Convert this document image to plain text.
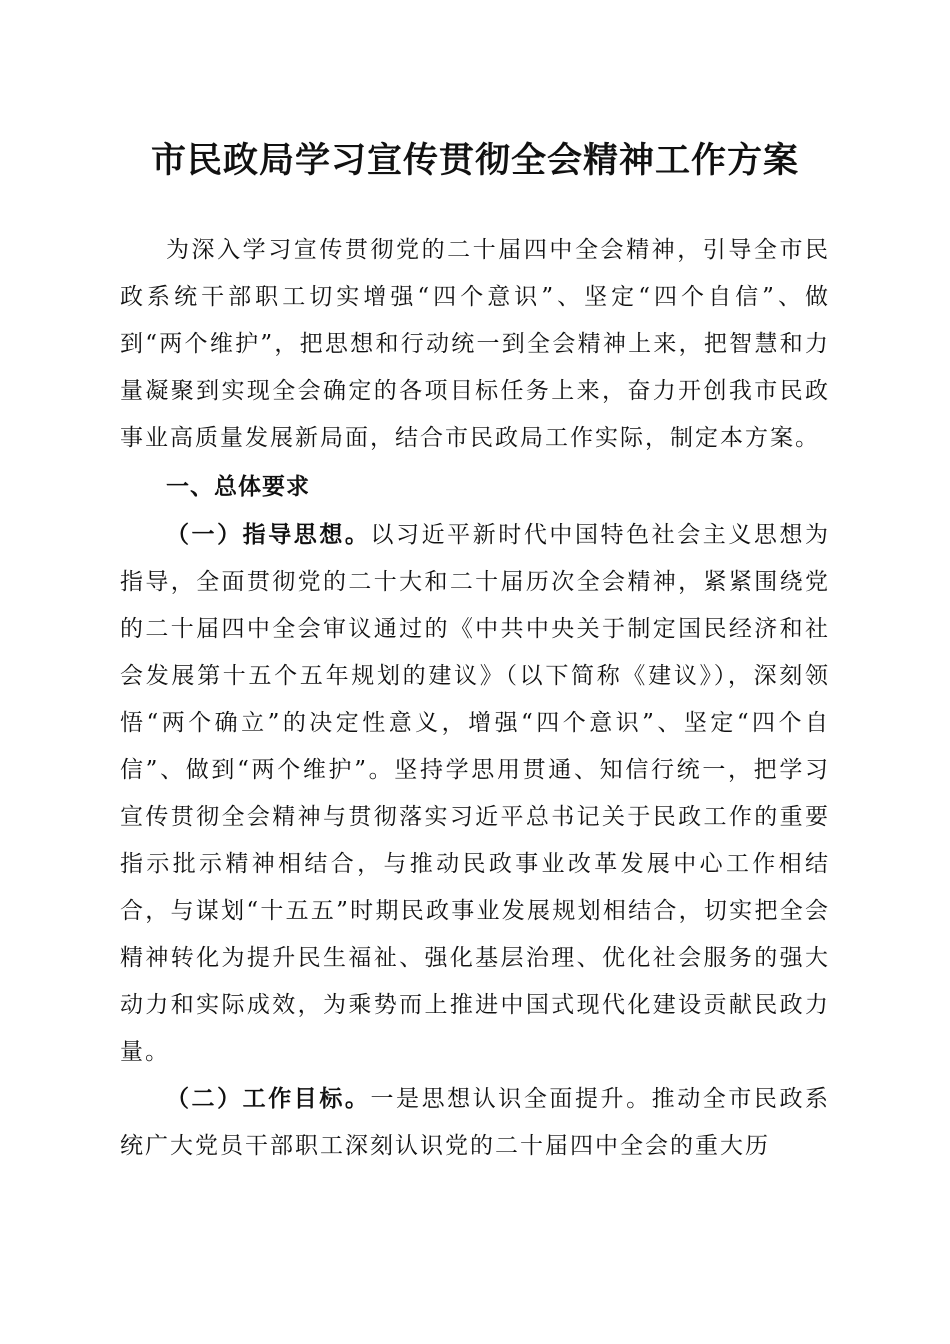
市民政局学习宣传贯彻全会精神工作方案

为深入学习宣传贯彻党的二十届四中全会精神，引导全市民政系统干部职工切实增强“四个意识”、坚定“四个自信”、做到“两个维护”，把思想和行动统一到全会精神上来，把智慧和力量凝聚到实现全会确定的各项目标任务上来，奋力开创我市民政事业高质量发展新局面，结合市民政局工作实际，制定本方案。

一、总体要求

（一）指导思想。以习近平新时代中国特色社会主义思想为指导，全面贯彻党的二十大和二十届历次全会精神，紧紧围绕党的二十届四中全会审议通过的《中共中央关于制定国民经济和社会发展第十五个五年规划的建议》（以下简称《建议》），深刻领悟“两个确立”的决定性意义，增强“四个意识”、坚定“四个自信”、做到“两个维护”。坚持学思用贯通、知信行统一，把学习宣传贯彻全会精神与贯彻落实习近平总书记关于民政工作的重要指示批示精神相结合，与推动民政事业改革发展中心工作相结合，与谋划“十五五”时期民政事业发展规划相结合，切实把全会精神转化为提升民生福祉、强化基层治理、优化社会服务的强大动力和实际成效，为乘势而上推进中国式现代化建设贡献民政力量。

（二）工作目标。一是思想认识全面提升。推动全市民政系统广大党员干部职工深刻认识党的二十届四中全会的重大历
